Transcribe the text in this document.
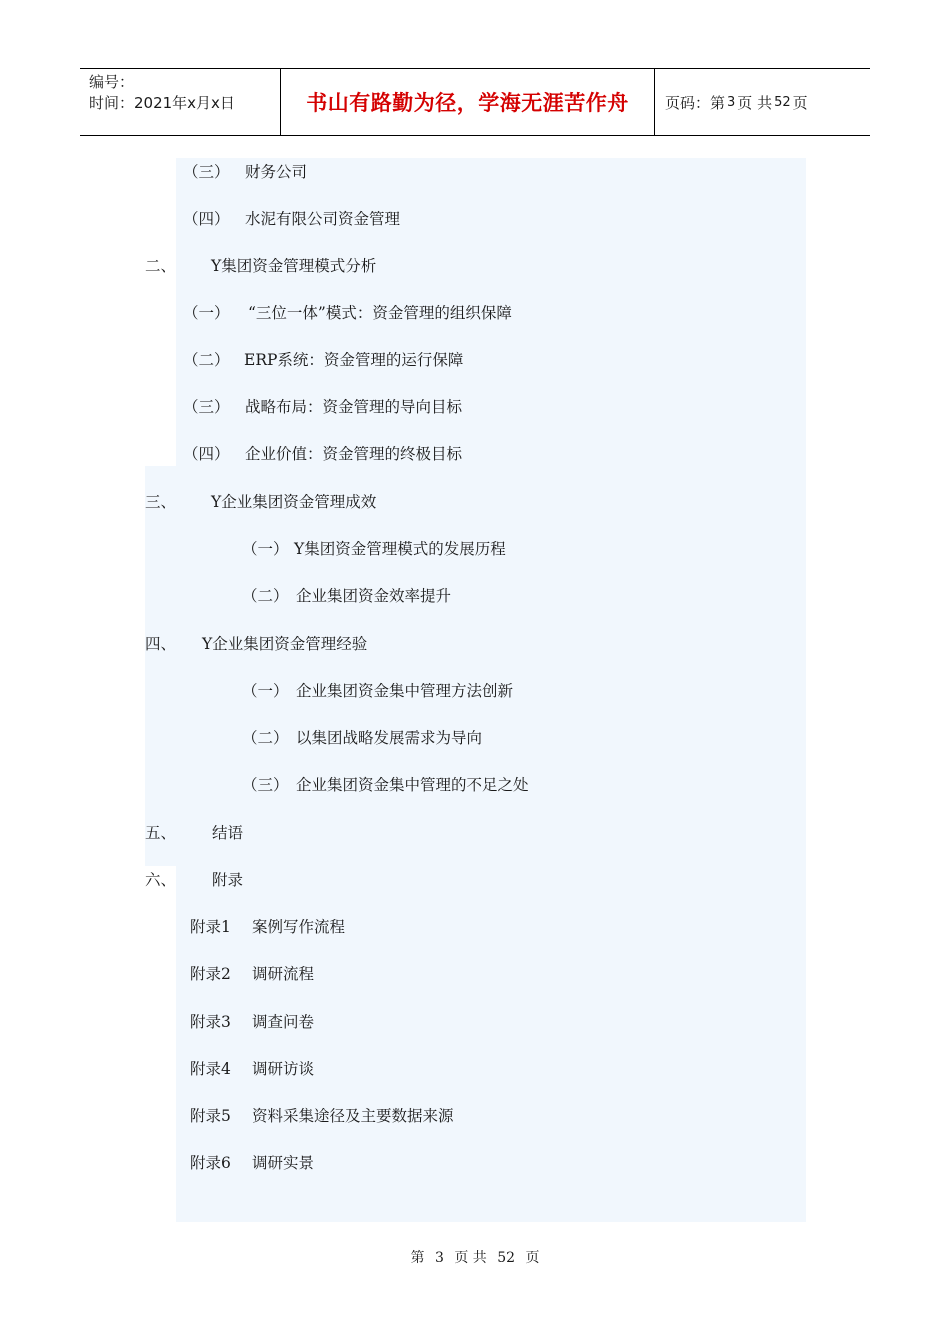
编号：
时间：2021年x月x日	书山有路勤为径，学海无涯苦作舟	页码：第 3 页 共 52 页
（三） 财务公司
（四） 水泥有限公司资金管理
二、 Y集团资金管理模式分析
（一） “三位一体”模式：资金管理的组织保障
（二） ERP系统：资金管理的运行保障
（三） 战略布局：资金管理的导向目标
（四） 企业价值：资金管理的终极目标
三、 Y企业集团资金管理成效
（一） Y集团资金管理模式的发展历程
（二） 企业集团资金效率提升
四、 Y企业集团资金管理经验
（一） 企业集团资金集中管理方法创新
（二） 以集团战略发展需求为导向
（三） 企业集团资金集中管理的不足之处
五、 结语
六、 附录
附录1 案例写作流程
附录2 调研流程
附录3 调查问卷
附录4 调研访谈
附录5 资料采集途径及主要数据来源
附录6 调研实景
第 3 页 共 52 页
